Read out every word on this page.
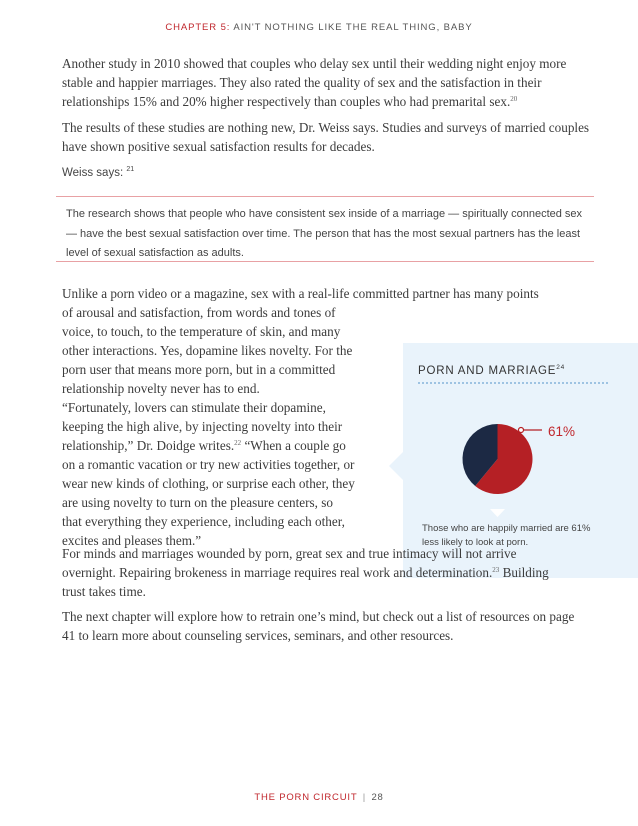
CHAPTER 5: AIN'T NOTHING LIKE THE REAL THING, BABY

Another study in 2010 showed that couples who delay sex until their wedding night enjoy more stable and happier marriages. They also rated the quality of sex and the satisfaction in their relationships 15% and 20% higher respectively than couples who had premarital sex.$^{20}$

The results of these studies are nothing new, Dr. Weiss says. Studies and surveys of married couples have shown positive sexual satisfaction results for decades.

Weiss says: $^{21}$

The research shows that people who have consistent sex inside of a marriage — spiritually connected sex — have the best sexual satisfaction over time. The person that has the most sexual partners has the least level of sexual satisfaction as adults.

PORN AND MARRIAGE$^{24}$

61%

Those who are happily married are 61% less likely to look at porn.

Unlike a porn video or a magazine, sex with a real-life committed partner has many points
of arousal and satisfaction, from words and tones of
voice, to touch, to the temperature of skin, and many
other interactions. Yes, dopamine likes novelty. For the
porn user that means more porn, but in a committed
relationship novelty never has to end.

“Fortunately, lovers can stimulate their dopamine,
keeping the high alive, by injecting novelty into their
relationship,” Dr. Doidge writes.$^{22}$ “When a couple go
on a romantic vacation or try new activities together, or
wear new kinds of clothing, or surprise each other, they
are using novelty to turn on the pleasure centers, so
that everything they experience, including each other,
excites and pleases them.”

For minds and marriages wounded by porn, great sex and true intimacy will not arrive
overnight. Repairing brokeness in marriage requires real work and determination.$^{23}$ Building
trust takes time.

The next chapter will explore how to retrain one’s mind, but check out a list of resources on page 41 to learn more about counseling services, seminars, and other resources.

THE PORN CIRCUIT | 28
